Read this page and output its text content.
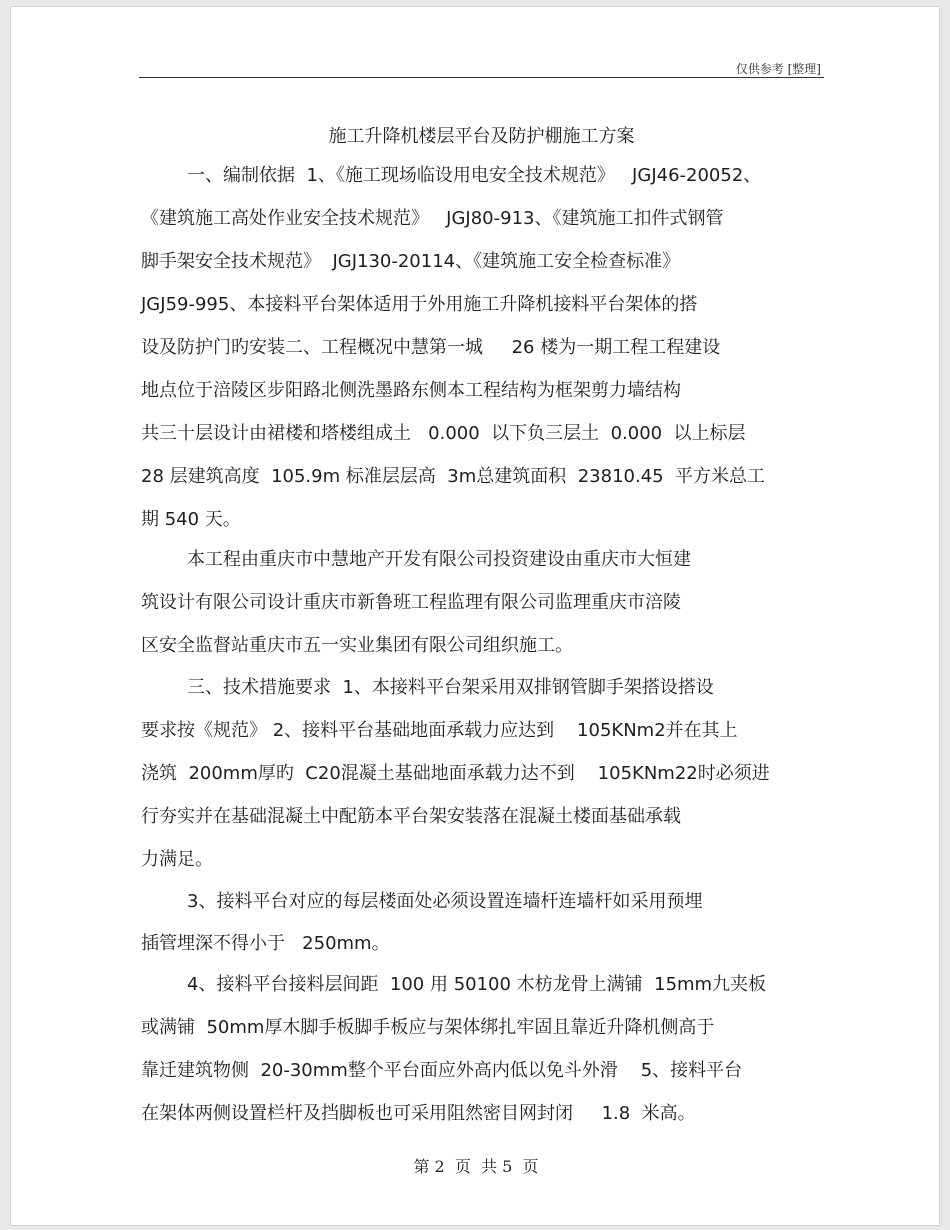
仅供参考 [整理]
施工升降机楼层平台及防护棚施工方案
一、编制依据  1、《施工现场临设用电安全技术规范》   JGJ46-20052、
《建筑施工高处作业安全技术规范》   JGJ80-913、《建筑施工扣件式钢管
脚手架安全技术规范》  JGJ130-20114、《建筑施工安全检查标准》
JGJ59-995、本接料平台架体适用于外用施工升降机接料平台架体的搭
设及防护门旳安装二、工程概况中慧第一城     26 楼为一期工程工程建设
地点位于涪陵区步阳路北侧洗墨路东侧本工程结构为框架剪力墙结构
共三十层设计由裙楼和塔楼组成土   0.000  以下负三层土  0.000  以上标层
28 层建筑高度  105.9m 标准层层高  3m总建筑面积  23810.45  平方米总工
期 540 天。
本工程由重庆市中慧地产开发有限公司投资建设由重庆市大恒建
筑设计有限公司设计重庆市新鲁班工程监理有限公司监理重庆市涪陵
区安全监督站重庆市五一实业集团有限公司组织施工。
三、技术措施要求  1、本接料平台架采用双排钢管脚手架搭设搭设
要求按《规范》 2、接料平台基础地面承载力应达到    105KNm2并在其上
浇筑  200mm厚旳  C20混凝土基础地面承载力达不到    105KNm22时必须进
行夯实并在基础混凝土中配筋本平台架安装落在混凝土楼面基础承载
力满足。
3、接料平台对应的每层楼面处必须设置连墙杆连墙杆如采用预埋
插管埋深不得小于   250mm。
4、接料平台接料层间距  100 用 50100 木枋龙骨上满铺  15mm九夹板
或满铺  50mm厚木脚手板脚手板应与架体绑扎牢固且靠近升降机侧高于
靠迁建筑物侧  20-30mm整个平台面应外高内低以免斗外滑    5、接料平台
在架体两侧设置栏杆及挡脚板也可采用阻然密目网封闭     1.8  米高。
第 2  页  共 5  页
